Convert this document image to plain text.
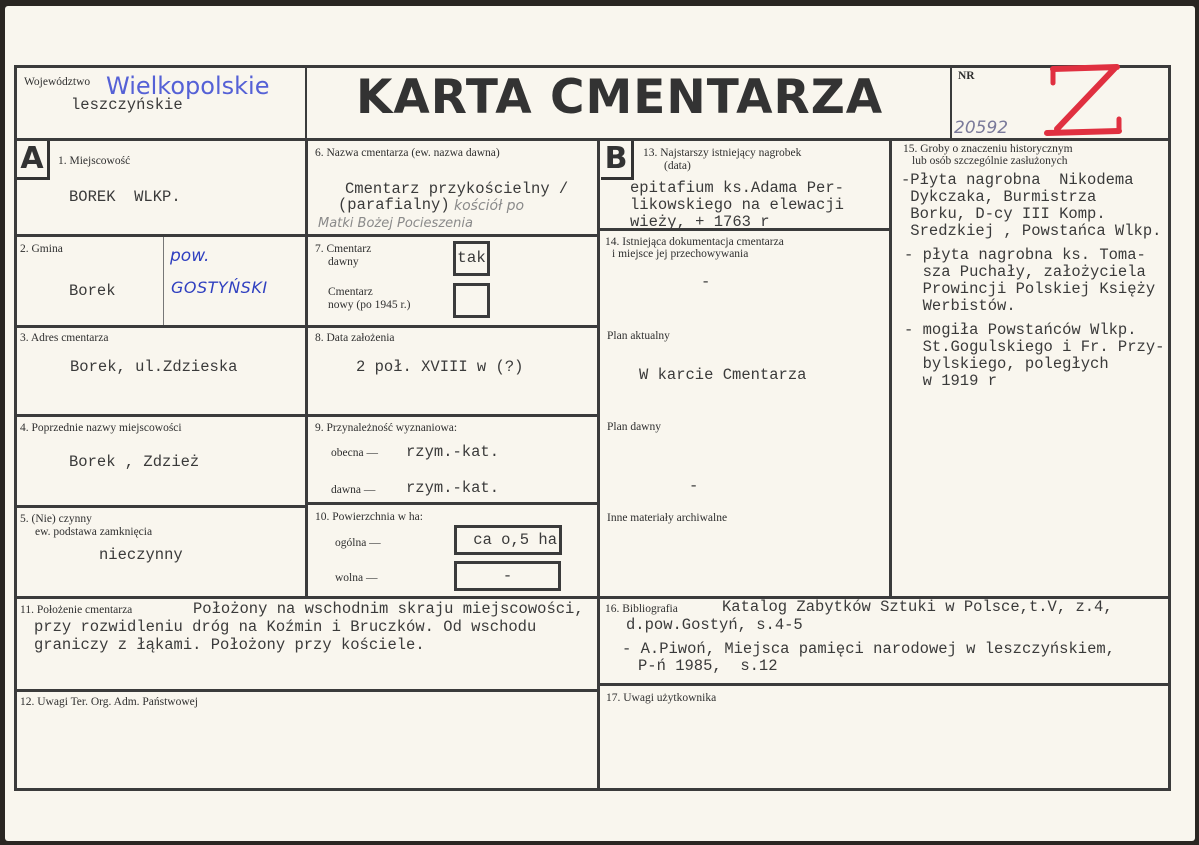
Województwo Wielkopolskie
leszczyńskie	KARTA CMENTARZA	NR
20592
A	1. Miejscowość
BOREK  WLKP.
2. Gmina
Borek
pow.
GOSTYŃSKI
3. Adres cmentarza
Borek, ul.Zdzieska
4. Poprzednie nazwy miejscowości
Borek , Zdzież
5. (Nie) czynny
ew. podstawa zamknięcia
nieczynny
6. Nazwa cmentarza (ew. nazwa dawna)
Cmentarz przykościelny /
(parafialny) kościół po
Matki Bożej Pocieszenia
7. Cmentarz
dawny	tak
Cmentarz
nowy (po 1945 r.)
8. Data założenia
2 poł. XVIII w (?)
9. Przynależność wyznaniowa:
obecna — rzym.-kat.
dawna — rzym.-kat.
10. Powierzchnia w ha:
ogólna —	ca o,5 ha
wolna —	-
11. Położenie cmentarza	Położony na wschodnim skraju miejscowości,
przy rozwidleniu dróg na Koźmin i Bruczków. Od wschodu
graniczy z łąkami. Położony przy kościele.
12. Uwagi Ter. Org. Adm. Państwowej
B	13. Najstarszy istniejący nagrobek
(data)
epitafium ks.Adama Per-
likowskiego na elewacji
wieży, + 1763 r
14. Istniejąca dokumentacja cmentarza
i miejsce jej przechowywania
-
Plan aktualny
W karcie Cmentarza
Plan dawny
-
Inne materiały archiwalne
15. Groby o znaczeniu historycznym
lub osób szczególnie zasłużonych
-Płyta nagrobna  Nikodema
Dykczaka, Burmistrza
Borku, D-cy III Komp.
Sredzkiej , Powstańca Wlkp.
- płyta nagrobna ks. Toma-
sza Puchały, założyciela
Prowincji Polskiej Księży
Werbistów.
- mogiła Powstańców Wlkp.
St.Gogulskiego i Fr. Przy-
bylskiego, poległych
w 1919 r
16. Bibliografia	Katalog Zabytków Sztuki w Polsce,t.V, z.4,
d.pow.Gostyń, s.4-5
- A.Piwoń, Miejsca pamięci narodowej w leszczyńskiem,
P-ń 1985,  s.12
17. Uwagi użytkownika
